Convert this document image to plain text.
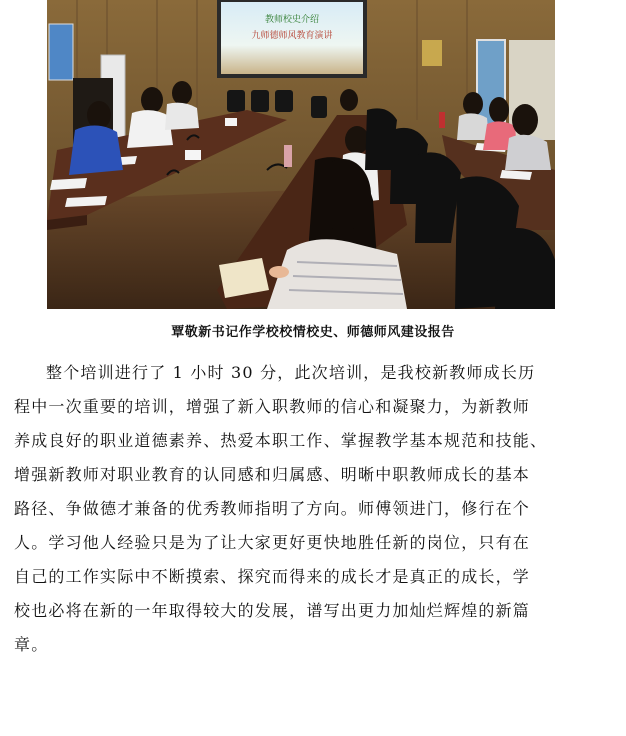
教师校史介绍
九师德师风教育演讲
覃敬新书记作学校校情校史、师德师风建设报告
整个培训进行了 1 小时 30 分，此次培训，是我校新教师成长历
程中一次重要的培训，增强了新入职教师的信心和凝聚力，为新教师
养成良好的职业道德素养、热爱本职工作、掌握教学基本规范和技能、
增强新教师对职业教育的认同感和归属感、明晰中职教师成长的基本
路径、争做德才兼备的优秀教师指明了方向。师傅领进门，修行在个
人。学习他人经验只是为了让大家更好更快地胜任新的岗位，只有在
自己的工作实际中不断摸索、探究而得来的成长才是真正的成长，学
校也必将在新的一年取得较大的发展，谱写出更力加灿烂辉煌的新篇
章。
